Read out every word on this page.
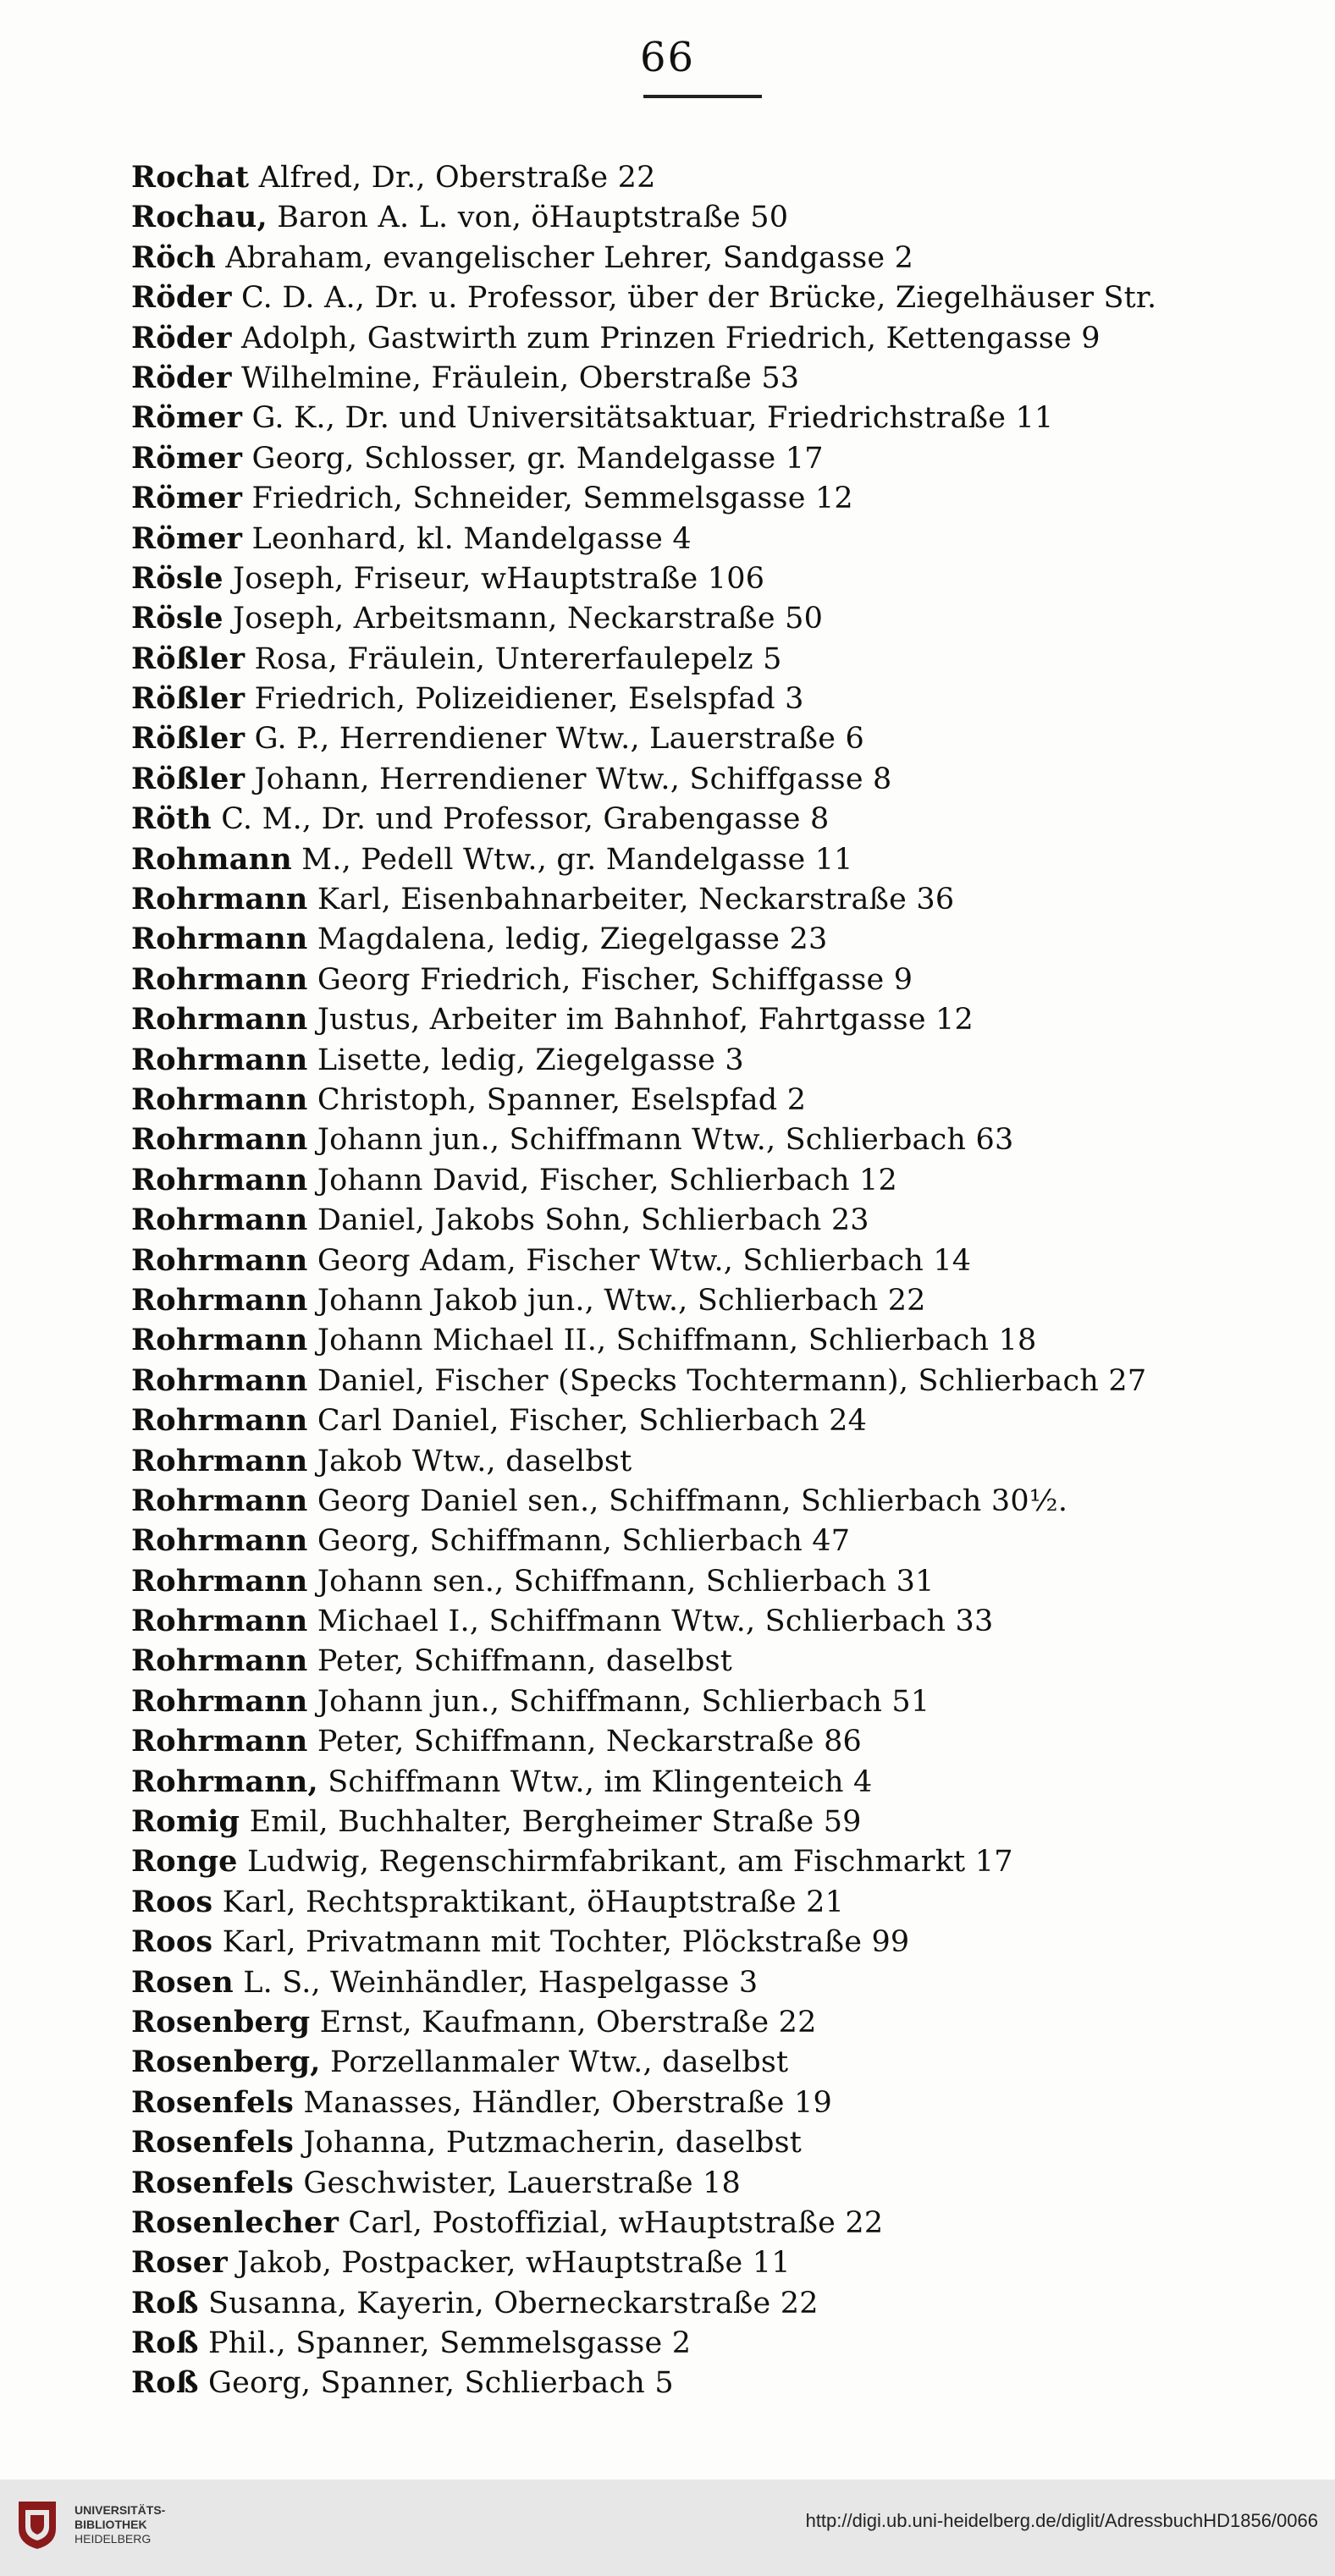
66
Rochat Alfred, Dr., Oberstraße 22
Rochau, Baron A. L. von, öHauptstraße 50
Röch Abraham, evangelischer Lehrer, Sandgasse 2
Röder C. D. A., Dr. u. Professor, über der Brücke, Ziegelhäuser Str.
Röder Adolph, Gastwirth zum Prinzen Friedrich, Kettengasse 9
Röder Wilhelmine, Fräulein, Oberstraße 53
Römer G. K., Dr. und Universitätsaktuar, Friedrichstraße 11
Römer Georg, Schlosser, gr. Mandelgasse 17
Römer Friedrich, Schneider, Semmelsgasse 12
Römer Leonhard, kl. Mandelgasse 4
Rösle Joseph, Friseur, wHauptstraße 106
Rösle Joseph, Arbeitsmann, Neckarstraße 50
Rößler Rosa, Fräulein, Untererfaulepelz 5
Rößler Friedrich, Polizeidiener, Eselspfad 3
Rößler G. P., Herrendiener Wtw., Lauerstraße 6
Rößler Johann, Herrendiener Wtw., Schiffgasse 8
Röth C. M., Dr. und Professor, Grabengasse 8
Rohmann M., Pedell Wtw., gr. Mandelgasse 11
Rohrmann Karl, Eisenbahnarbeiter, Neckarstraße 36
Rohrmann Magdalena, ledig, Ziegelgasse 23
Rohrmann Georg Friedrich, Fischer, Schiffgasse 9
Rohrmann Justus, Arbeiter im Bahnhof, Fahrtgasse 12
Rohrmann Lisette, ledig, Ziegelgasse 3
Rohrmann Christoph, Spanner, Eselspfad 2
Rohrmann Johann jun., Schiffmann Wtw., Schlierbach 63
Rohrmann Johann David, Fischer, Schlierbach 12
Rohrmann Daniel, Jakobs Sohn, Schlierbach 23
Rohrmann Georg Adam, Fischer Wtw., Schlierbach 14
Rohrmann Johann Jakob jun., Wtw., Schlierbach 22
Rohrmann Johann Michael II., Schiffmann, Schlierbach 18
Rohrmann Daniel, Fischer (Specks Tochtermann), Schlierbach 27
Rohrmann Carl Daniel, Fischer, Schlierbach 24
Rohrmann Jakob Wtw., daselbst
Rohrmann Georg Daniel sen., Schiffmann, Schlierbach 30½.
Rohrmann Georg, Schiffmann, Schlierbach 47
Rohrmann Johann sen., Schiffmann, Schlierbach 31
Rohrmann Michael I., Schiffmann Wtw., Schlierbach 33
Rohrmann Peter, Schiffmann, daselbst
Rohrmann Johann jun., Schiffmann, Schlierbach 51
Rohrmann Peter, Schiffmann, Neckarstraße 86
Rohrmann, Schiffmann Wtw., im Klingenteich 4
Romig Emil, Buchhalter, Bergheimer Straße 59
Ronge Ludwig, Regenschirmfabrikant, am Fischmarkt 17
Roos Karl, Rechtspraktikant, öHauptstraße 21
Roos Karl, Privatmann mit Tochter, Plöckstraße 99
Rosen L. S., Weinhändler, Haspelgasse 3
Rosenberg Ernst, Kaufmann, Oberstraße 22
Rosenberg, Porzellanmaler Wtw., daselbst
Rosenfels Manasses, Händler, Oberstraße 19
Rosenfels Johanna, Putzmacherin, daselbst
Rosenfels Geschwister, Lauerstraße 18
Rosenlecher Carl, Postoffizial, wHauptstraße 22
Roser Jakob, Postpacker, wHauptstraße 11
Roß Susanna, Kayerin, Oberneckarstraße 22
Roß Phil., Spanner, Semmelsgasse 2
Roß Georg, Spanner, Schlierbach 5
UNIVERSITÄTS-
BIBLIOTHEK
HEIDELBERG
http://digi.ub.uni-heidelberg.de/diglit/AdressbuchHD1856/0066
